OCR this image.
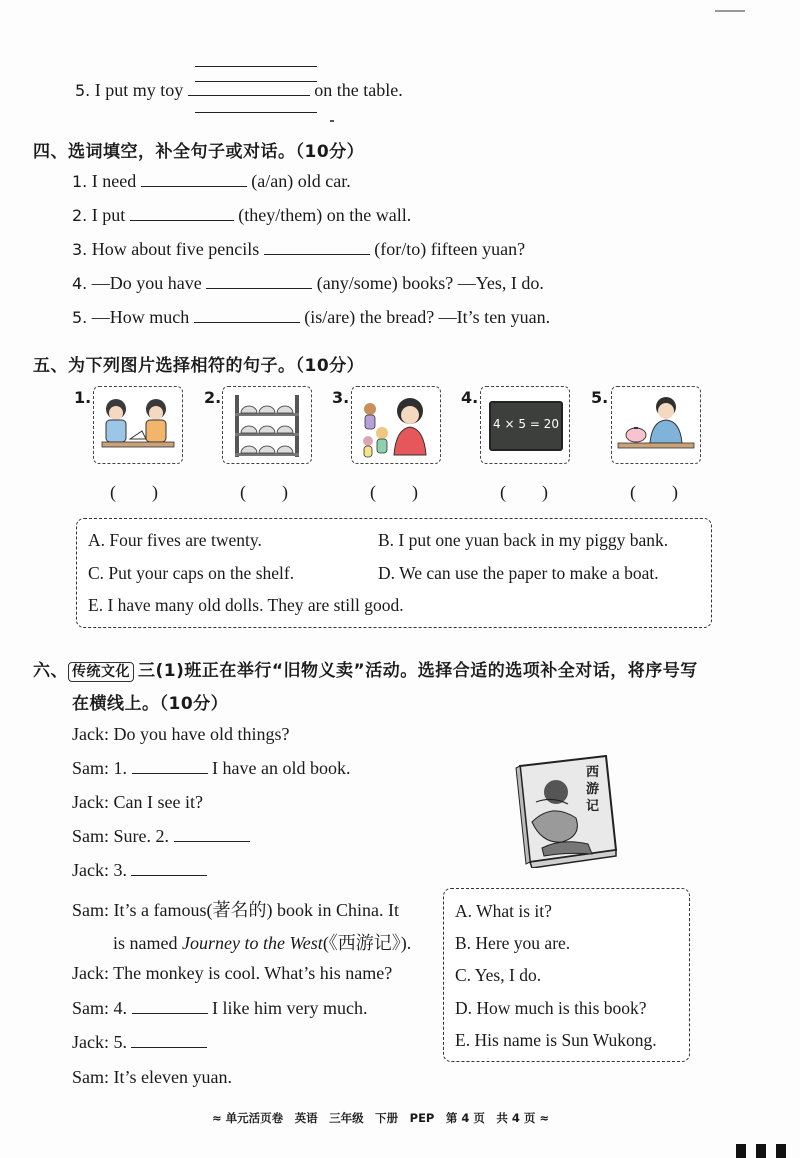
5. I put my toy	on the table.
四、选词填空，补全句子或对话。（10分）
1. I need	(a/an) old car.
2. I put	(they/them) on the wall.
3. How about five pencils	(for/to) fifteen yuan?
4. —Do you have	(any/some) books? —Yes, I do.
5. —How much	(is/are) the bread? —It’s ten yuan.
五、为下列图片选择相符的句子。（10分）
1.	2.	3.	4.	5.
4 × 5 = 20
(　　)	(　　)	(　　)	(　　)	(　　)
A. Four fives are twenty.	B. I put one yuan back in my piggy bank.
C. Put your caps on the shelf.	D. We can use the paper to make a boat.
E. I have many old dolls. They are still good.
六、 传统文化 三(1)班正在举行“旧物义卖”活动。选择合适的选项补全对话，将序号写
在横线上。（10分）
Jack: Do you have old things?
Sam: 1.	I have an old book.
Jack: Can I see it?
Sam: Sure. 2.
Jack: 3.
Sam: It’s a famous(著名的) book in China. It
is named Journey to the West(《西游记》).
Jack: The monkey is cool. What’s his name?
Sam: 4.	I like him very much.
Jack: 5.
Sam: It’s eleven yuan.
西游记
A. What is it?
B. Here you are.
C. Yes, I do.
D. How much is this book?
E. His name is Sun Wukong.
≈ 单元活页卷　英语　三年级　下册　PEP　第 4 页　共 4 页 ≈
